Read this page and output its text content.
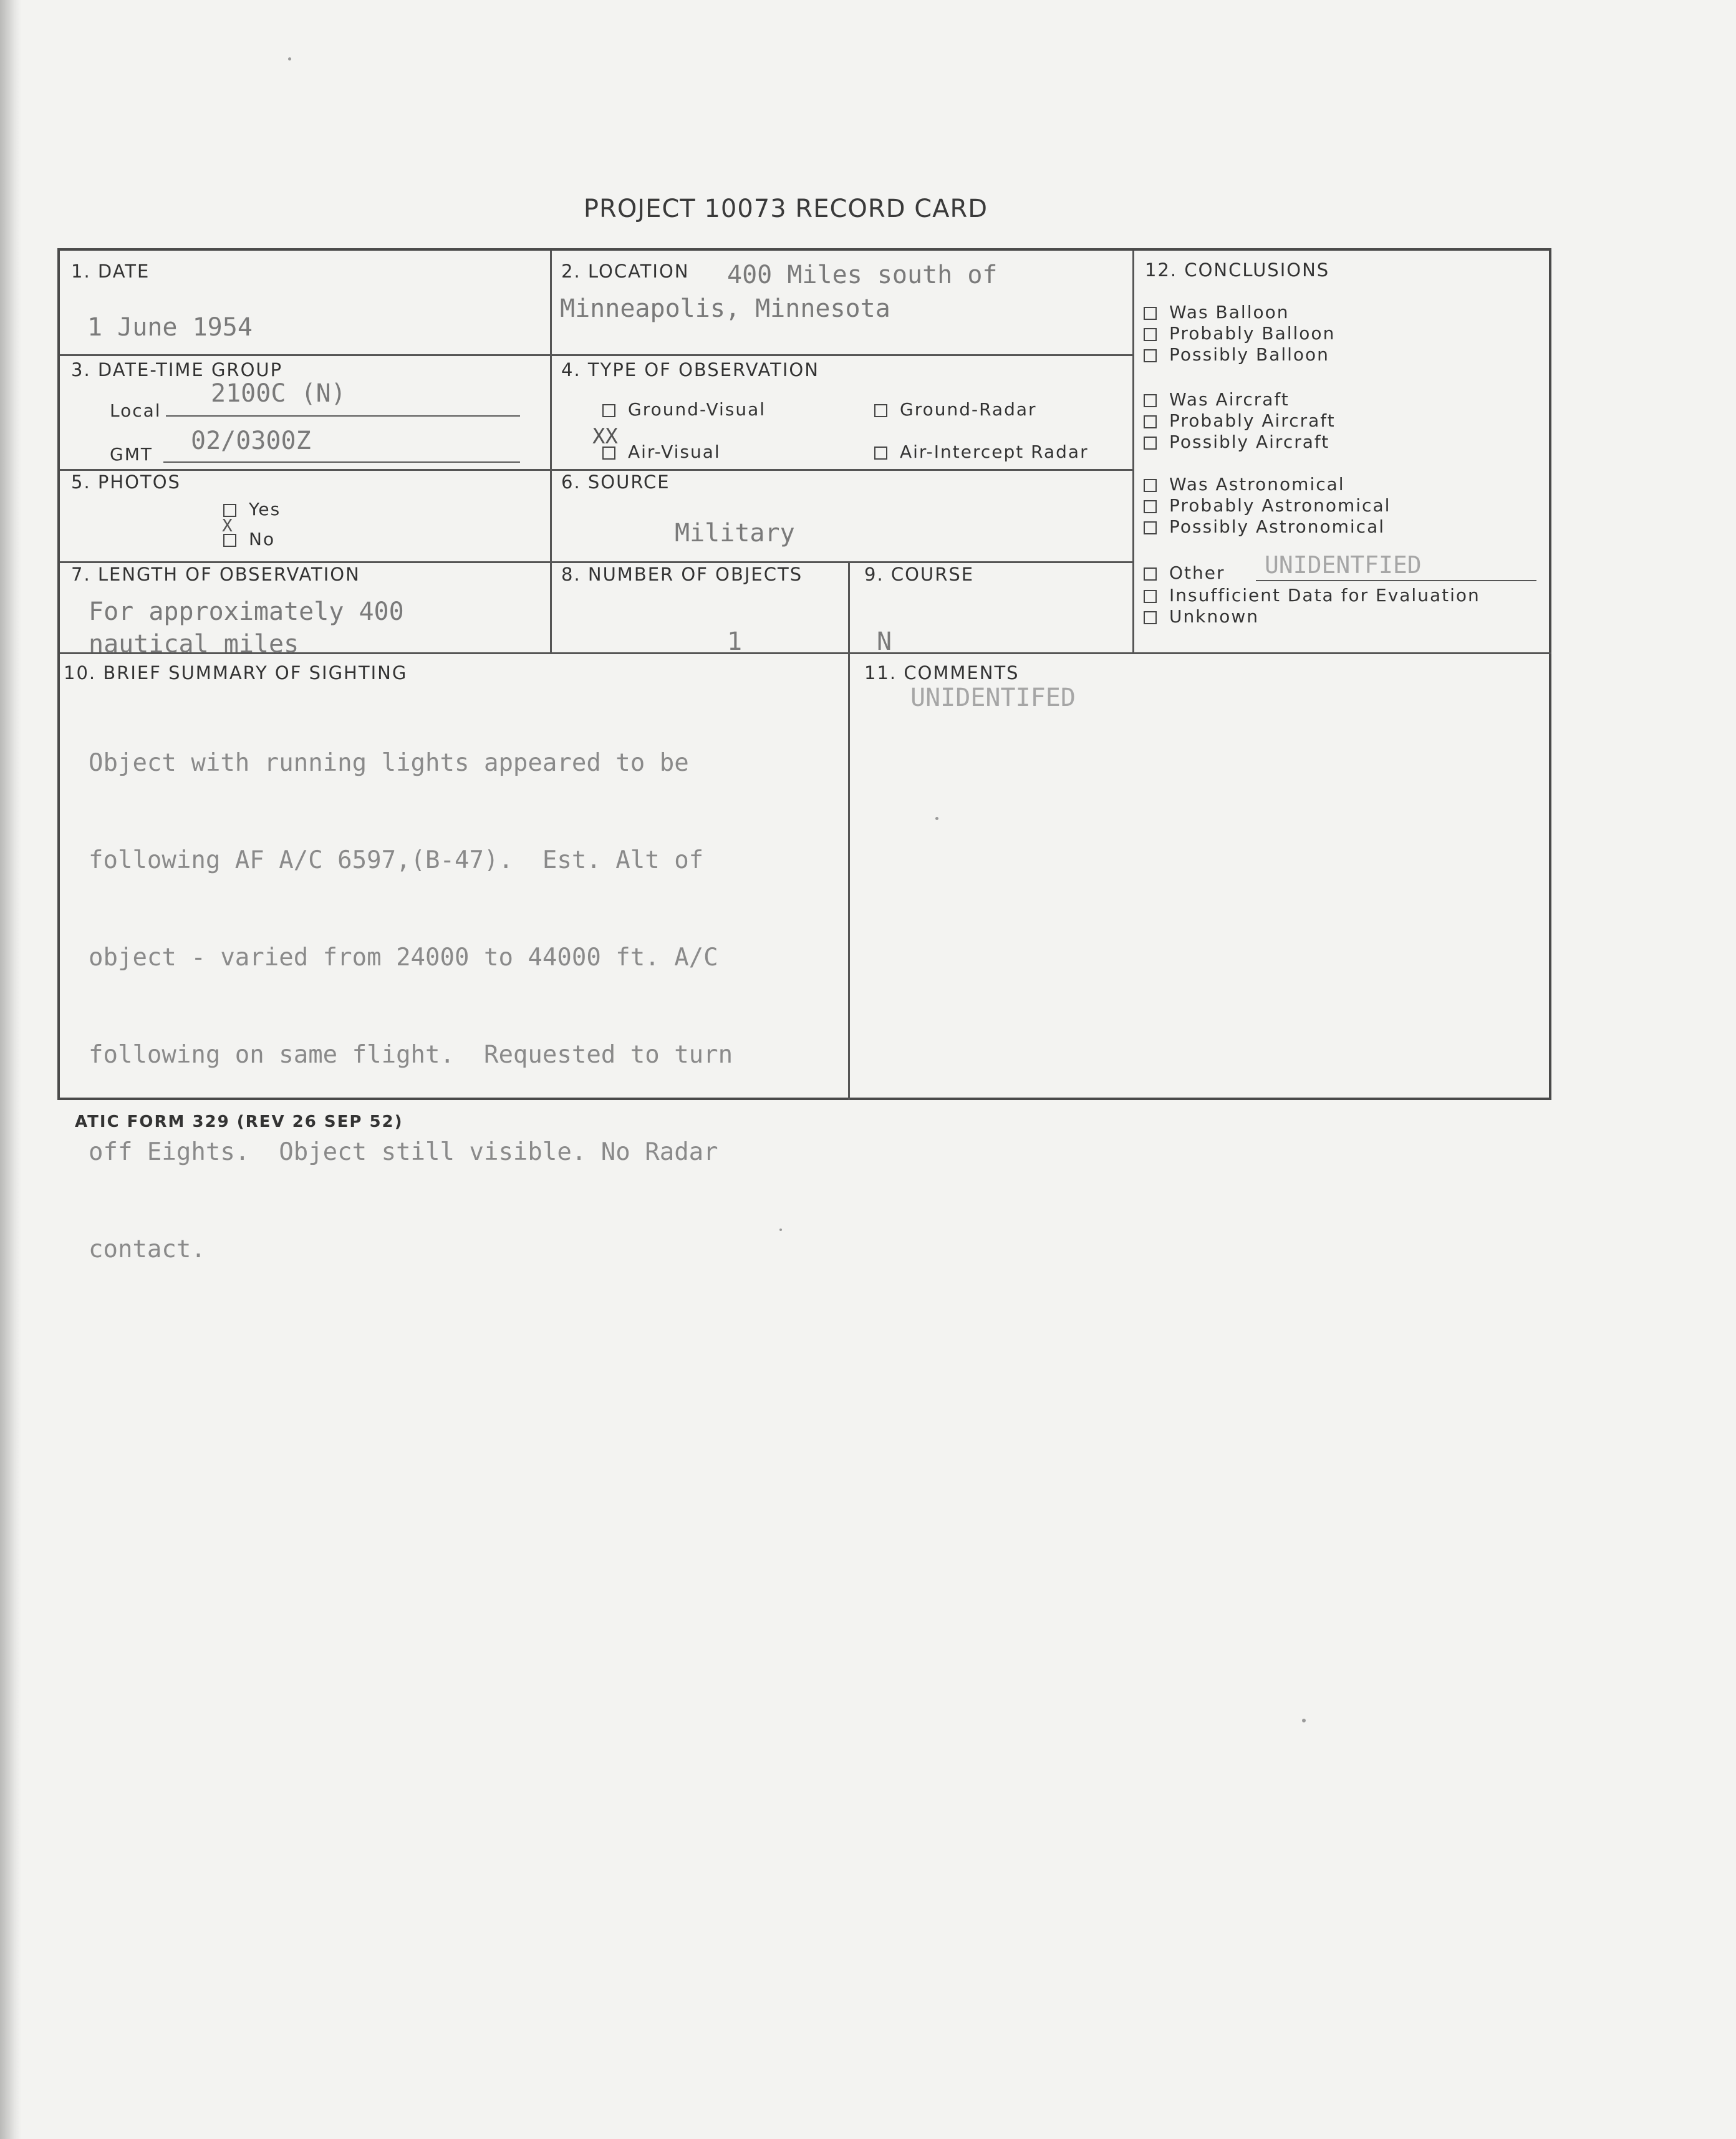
PROJECT 10073 RECORD CARD
1. DATE
1 June 1954
2. LOCATION 400 Miles south of
Minneapolis, Minnesota
3. DATE-TIME GROUP
Local
2100C (N)
GMT 02/0300Z
4. TYPE OF OBSERVATION
Ground-Visual	Ground-Radar
XX
Air-Visual	Air-Intercept Radar
5. PHOTOS
Yes
X
No
6. SOURCE
Military
7. LENGTH OF OBSERVATION
For approximately 400
nautical miles
8. NUMBER OF OBJECTS
1
9. COURSE
N
10. BRIEF SUMMARY OF SIGHTING

Object with running lights appeared to be

following AF A/C 6597,(B-47).  Est. Alt of

object - varied from 24000 to 44000 ft. A/C

following on same flight.  Requested to turn

off Eights.  Object still visible. No Radar

contact.

11. COMMENTS
UNIDENTIFED
12. CONCLUSIONS
Was Balloon
Probably Balloon
Possibly Balloon
Was Aircraft
Probably Aircraft
Possibly Aircraft
Was Astronomical
Probably Astronomical
Possibly Astronomical
Other UNIDENTFIED
Insufficient Data for Evaluation
Unknown
ATIC FORM 329 (REV 26 SEP 52)
